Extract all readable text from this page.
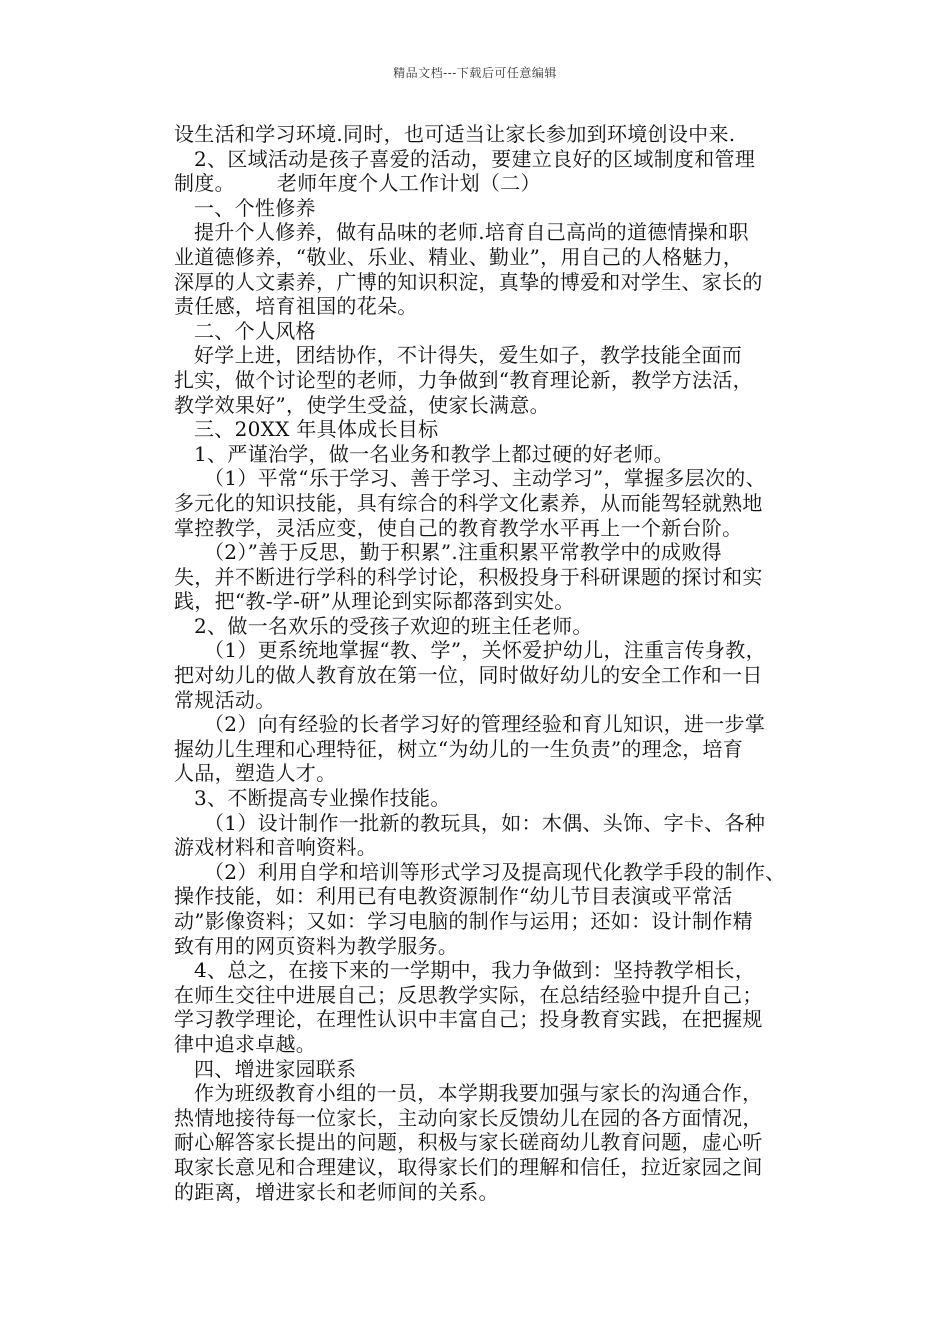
精品文档---下载后可任意编辑

设生活和学习环境.同时，也可适当让家长参加到环境创设中来.

2、区域活动是孩子喜爱的活动，要建立良好的区域制度和管理

制度。 老师年度个人工作计划（二）

一、个性修养

提升个人修养，做有品味的老师.培育自己高尚的道德情操和职

业道德修养，“敬业、乐业、精业、勤业”，用自己的人格魅力，

深厚的人文素养，广博的知识积淀，真挚的博爱和对学生、家长的

责任感，培育祖国的花朵。

二、个人风格

好学上进，团结协作，不计得失，爱生如子，教学技能全面而

扎实，做个讨论型的老师，力争做到“教育理论新，教学方法活，

教学效果好”，使学生受益，使家长满意。

三、20XX 年具体成长目标

1、严谨治学，做一名业务和教学上都过硬的好老师。

（1）平常“乐于学习、善于学习、主动学习”，掌握多层次的、

多元化的知识技能，具有综合的科学文化素养，从而能驾轻就熟地

掌控教学，灵活应变，使自己的教育教学水平再上一个新台阶。

（2）”善于反思，勤于积累”.注重积累平常教学中的成败得

失，并不断进行学科的科学讨论，积极投身于科研课题的探讨和实

践，把“教-学-研”从理论到实际都落到实处。

2、做一名欢乐的受孩子欢迎的班主任老师。

（1）更系统地掌握“教、学”，关怀爱护幼儿，注重言传身教，

把对幼儿的做人教育放在第一位，同时做好幼儿的安全工作和一日

常规活动。

（2）向有经验的长者学习好的管理经验和育儿知识，进一步掌

握幼儿生理和心理特征，树立“为幼儿的一生负责”的理念，培育

人品，塑造人才。

3、不断提高专业操作技能。

（1）设计制作一批新的教玩具，如：木偶、头饰、字卡、各种

游戏材料和音响资料。

（2）利用自学和培训等形式学习及提高现代化教学手段的制作、

操作技能，如：利用已有电教资源制作“幼儿节目表演或平常活

动”影像资料；又如：学习电脑的制作与运用；还如：设计制作精

致有用的网页资料为教学服务。

4、总之，在接下来的一学期中，我力争做到：坚持教学相长，

在师生交往中进展自己；反思教学实际，在总结经验中提升自己；

学习教学理论，在理性认识中丰富自己；投身教育实践，在把握规

律中追求卓越。

四、增进家园联系

作为班级教育小组的一员，本学期我要加强与家长的沟通合作，

热情地接待每一位家长，主动向家长反馈幼儿在园的各方面情况，

耐心解答家长提出的问题，积极与家长磋商幼儿教育问题，虚心听

取家长意见和合理建议，取得家长们的理解和信任，拉近家园之间

的距离，增进家长和老师间的关系。
